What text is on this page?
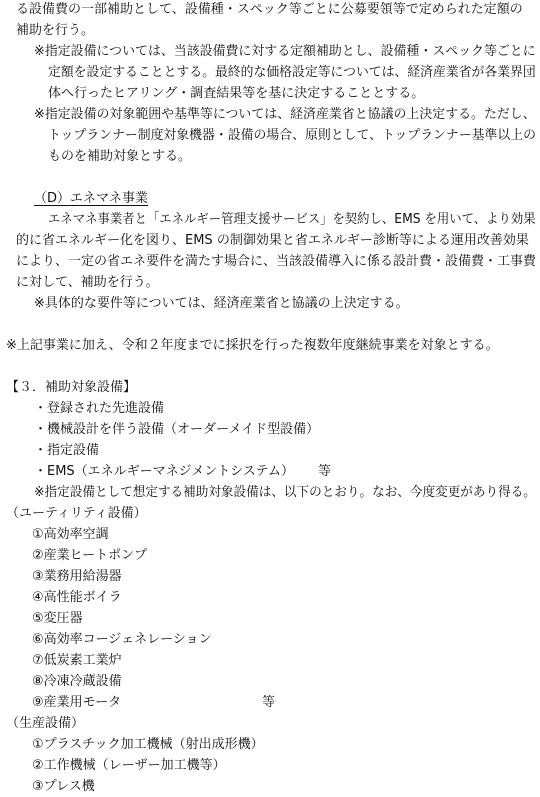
る設備費の一部補助として、設備種・スペック等ごとに公募要領等で定められた定額の
補助を行う。
※指定設備については、当該設備費に対する定額補助とし、設備種・スペック等ごとに
定額を設定することとする。最終的な価格設定等については、経済産業省が各業界団
体へ行ったヒアリング・調査結果等を基に決定することとする。
※指定設備の対象範囲や基準等については、経済産業省と協議の上決定する。ただし、
トップランナー制度対象機器・設備の場合、原則として、トップランナー基準以上の
ものを補助対象とする。
（D）エネマネ事業
エネマネ事業者と「エネルギー管理支援サービス」を契約し、EMS を用いて、より効果
的に省エネルギー化を図り、EMS の制御効果と省エネルギー診断等による運用改善効果
により、一定の省エネ要件を満たす場合に、当該設備導入に係る設計費・設備費・工事費
に対して、補助を行う。
※具体的な要件等については、経済産業省と協議の上決定する。
※上記事業に加え、令和２年度までに採択を行った複数年度継続事業を対象とする。
【３．補助対象設備】
・登録された先進設備
・機械設計を伴う設備（オーダーメイド型設備）
・指定設備
・EMS（エネルギーマネジメントシステム） 等
※指定設備として想定する補助対象設備は、以下のとおり。なお、今度変更があり得る。
（ユーティリティ設備）
①高効率空調
②産業ヒートポンプ
③業務用給湯器
④高性能ボイラ
⑤変圧器
⑥高効率コージェネレーション
⑦低炭素工業炉
⑧冷凍冷蔵設備
⑨産業用モータ	等
（生産設備）
①プラスチック加工機械（射出成形機）
②工作機械（レーザー加工機等）
③プレス機
